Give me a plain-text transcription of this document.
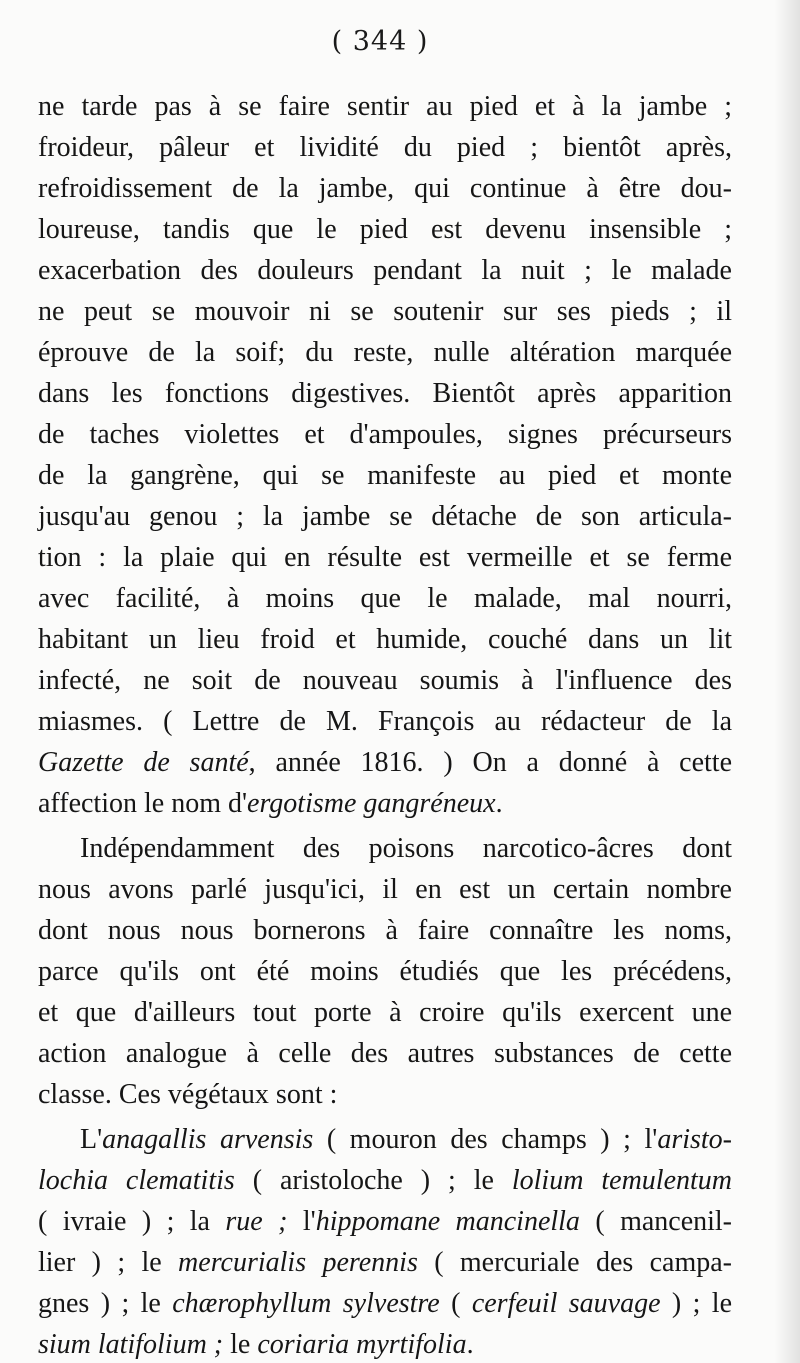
( 344 )
ne tarde pas à se faire sentir au pied et à la jambe ;
froideur, pâleur et lividité du pied ; bientôt après,
refroidissement de la jambe, qui continue à être dou-
loureuse, tandis que le pied est devenu insensible ;
exacerbation des douleurs pendant la nuit ; le malade
ne peut se mouvoir ni se soutenir sur ses pieds ; il
éprouve de la soif; du reste, nulle altération marquée
dans les fonctions digestives. Bientôt après apparition
de taches violettes et d'ampoules, signes précurseurs
de la gangrène, qui se manifeste au pied et monte
jusqu'au genou ; la jambe se détache de son articula-
tion : la plaie qui en résulte est vermeille et se ferme
avec facilité, à moins que le malade, mal nourri,
habitant un lieu froid et humide, couché dans un lit
infecté, ne soit de nouveau soumis à l'influence des
miasmes. ( Lettre de M. François au rédacteur de la
Gazette de santé, année 1816. ) On a donné à cette
affection le nom d'ergotisme gangréneux.
Indépendamment des poisons narcotico-âcres dont
nous avons parlé jusqu'ici, il en est un certain nombre
dont nous nous bornerons à faire connaître les noms,
parce qu'ils ont été moins étudiés que les précédens,
et que d'ailleurs tout porte à croire qu'ils exercent une
action analogue à celle des autres substances de cette
classe. Ces végétaux sont :
L'anagallis arvensis ( mouron des champs ) ; l'aristo-
lochia clematitis ( aristoloche ) ; le lolium temulentum
( ivraie ) ; la rue ; l'hippomane mancinella ( mancenil-
lier ) ; le mercurialis perennis ( mercuriale des campa-
gnes ) ; le chærophyllum sylvestre ( cerfeuil sauvage ) ; le
sium latifolium ; le coriaria myrtifolia.
